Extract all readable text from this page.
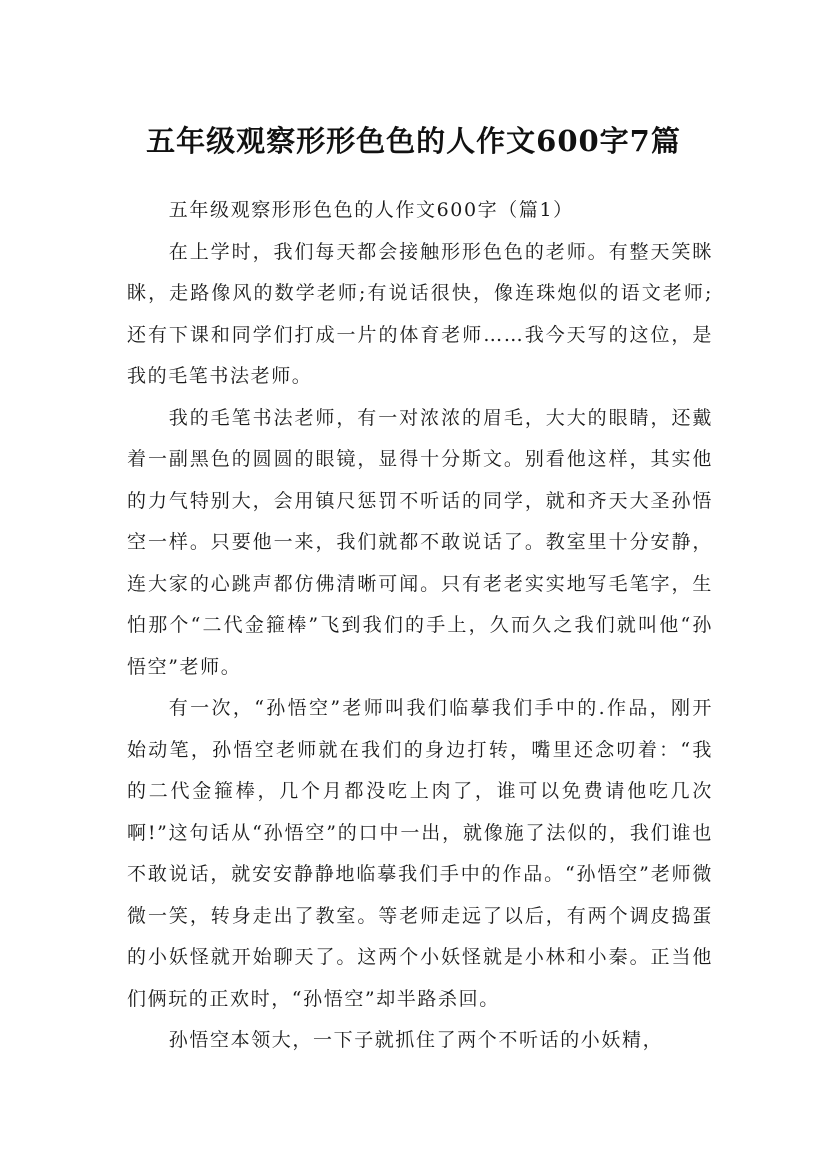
五年级观察形形色色的人作文600字7篇

五年级观察形形色色的人作文600字（篇1）

在上学时，我们每天都会接触形形色色的老师。有整天笑眯眯，走路像风的数学老师;有说话很快，像连珠炮似的语文老师;还有下课和同学们打成一片的体育老师……我今天写的这位，是我的毛笔书法老师。

我的毛笔书法老师，有一对浓浓的眉毛，大大的眼睛，还戴着一副黑色的圆圆的眼镜，显得十分斯文。别看他这样，其实他的力气特别大，会用镇尺惩罚不听话的同学，就和齐天大圣孙悟空一样。只要他一来，我们就都不敢说话了。教室里十分安静，连大家的心跳声都仿佛清晰可闻。只有老老实实地写毛笔字，生怕那个“二代金箍棒”飞到我们的手上，久而久之我们就叫他“孙悟空”老师。

有一次，“孙悟空”老师叫我们临摹我们手中的.作品，刚开始动笔，孙悟空老师就在我们的身边打转，嘴里还念叨着：“我的二代金箍棒，几个月都没吃上肉了，谁可以免费请他吃几次啊!”这句话从“孙悟空”的口中一出，就像施了法似的，我们谁也不敢说话，就安安静静地临摹我们手中的作品。“孙悟空”老师微微一笑，转身走出了教室。等老师走远了以后，有两个调皮捣蛋的小妖怪就开始聊天了。这两个小妖怪就是小林和小秦。正当他们俩玩的正欢时，“孙悟空”却半路杀回。

孙悟空本领大，一下子就抓住了两个不听话的小妖精，
